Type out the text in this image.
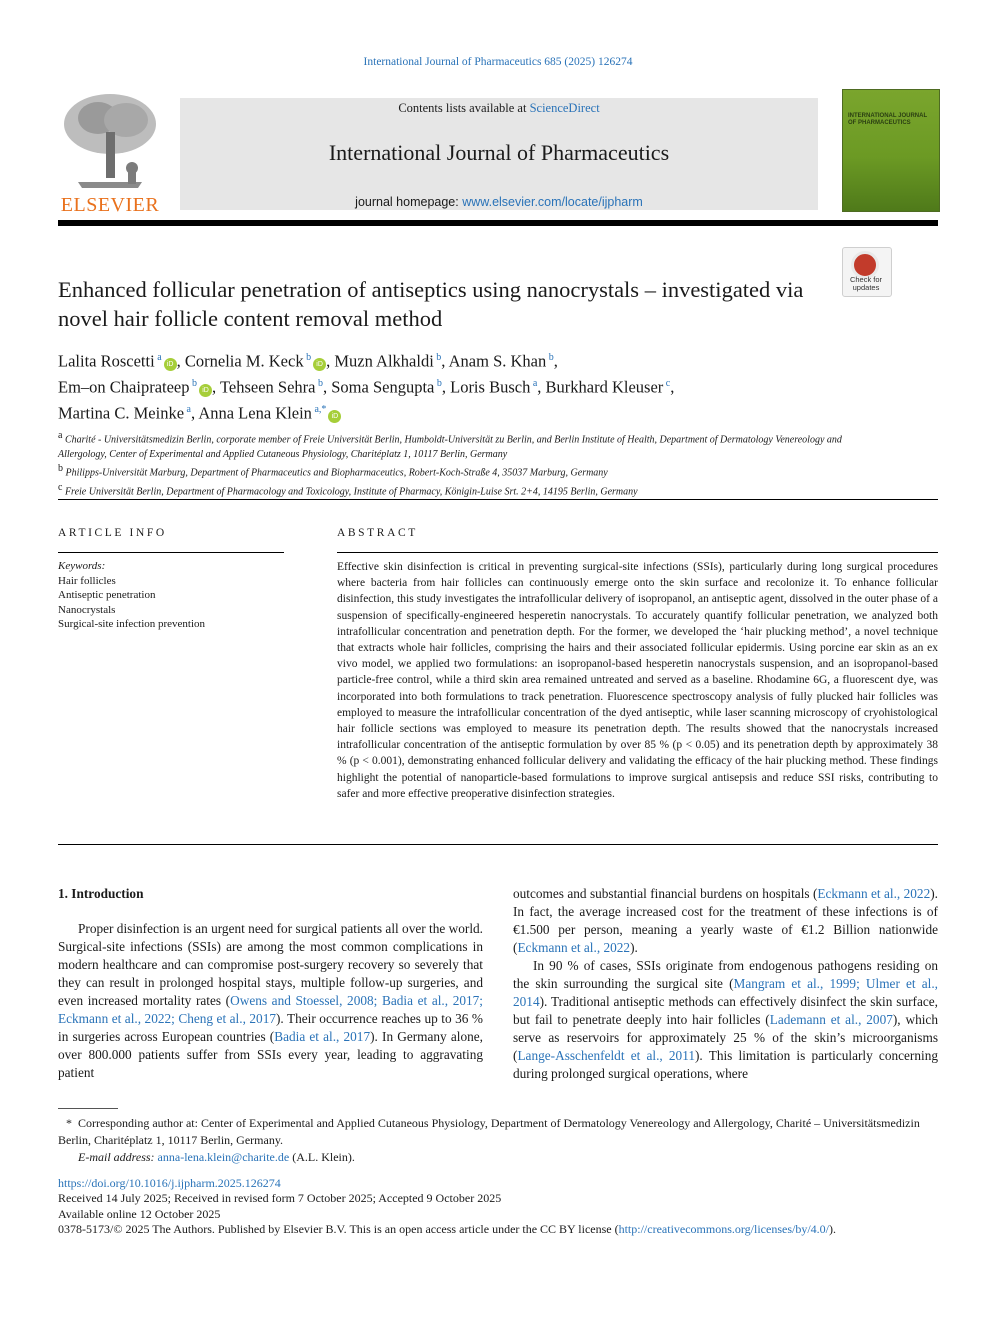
International Journal of Pharmaceutics 685 (2025) 126274
ELSEVIER
Contents lists available at ScienceDirect
International Journal of Pharmaceutics
journal homepage: www.elsevier.com/locate/ijpharm
INTERNATIONAL JOURNAL OF PHARMACEUTICS
Check for updates
Enhanced follicular penetration of antiseptics using nanocrystals – investigated via novel hair follicle content removal method
Lalita Roscetti $^a$iD , Cornelia M. Keck $^b$iD , Muzn Alkhaldi $^b$, Anam S. Khan $^b$,
Em–on Chaiprateep $^b$iD , Tehseen Sehra $^b$, Soma Sengupta $^b$, Loris Busch $^a$, Burkhard Kleuser $^c$,
Martina C. Meinke $^a$, Anna Lena Klein $^{a,*}$iD
$^a$ Charité - Universitätsmedizin Berlin, corporate member of Freie Universität Berlin, Humboldt-Universität zu Berlin, and Berlin Institute of Health, Department of Dermatology Venereology and Allergology, Center of Experimental and Applied Cutaneous Physiology, Charitéplatz 1, 10117 Berlin, Germany
$^b$ Philipps-Universität Marburg, Department of Pharmaceutics and Biopharmaceutics, Robert-Koch-Straße 4, 35037 Marburg, Germany
$^c$ Freie Universität Berlin, Department of Pharmacology and Toxicology, Institute of Pharmacy, Königin-Luise Srt. 2+4, 14195 Berlin, Germany
ARTICLE INFO
Keywords:
Hair follicles
Antiseptic penetration
Nanocrystals
Surgical-site infection prevention
ABSTRACT
Effective skin disinfection is critical in preventing surgical-site infections (SSIs), particularly during long surgical procedures where bacteria from hair follicles can continuously emerge onto the skin surface and recolonize it. To enhance follicular disinfection, this study investigates the intrafollicular delivery of isopropanol, an antiseptic agent, dissolved in the outer phase of a suspension of specifically-engineered hesperetin nanocrystals. To accurately quantify follicular penetration, we analyzed both intrafollicular concentration and penetration depth. For the former, we developed the ‘hair plucking method’, a novel technique that extracts whole hair follicles, comprising the hairs and their associated follicular epidermis. Using porcine ear skin as an ex vivo model, we applied two formulations: an isopropanol-based hesperetin nanocrystals suspension, and an isopropanol-based particle-free control, while a third skin area remained untreated and served as a baseline. Rhodamine 6G, a fluorescent dye, was incorporated into both formulations to track penetration. Fluorescence spectroscopy analysis of fully plucked hair follicles was employed to measure the intrafollicular concentration of the dyed antiseptic, while laser scanning microscopy of cryohistological hair follicle sections was employed to measure its penetration depth. The results showed that the nanocrystals increased intrafollicular concentration of the antiseptic formulation by over 85 % (p < 0.05) and its penetration depth by approximately 38 % (p < 0.001), demonstrating enhanced follicular delivery and validating the efficacy of the hair plucking method. These findings highlight the potential of nanoparticle-based formulations to improve surgical antisepsis and reduce SSI risks, contributing to safer and more effective preoperative disinfection strategies.

1. Introduction

Proper disinfection is an urgent need for surgical patients all over the world. Surgical-site infections (SSIs) are among the most common complications in modern healthcare and can compromise post-surgery recovery so severely that they can result in prolonged hospital stays, multiple follow-up surgeries, and even increased mortality rates (Owens and Stoessel, 2008; Badia et al., 2017; Eckmann et al., 2022; Cheng et al., 2017). Their occurrence reaches up to 36 % in surgeries across European countries (Badia et al., 2017). In Germany alone, over 800.000 patients suffer from SSIs every year, leading to aggravating patient

outcomes and substantial financial burdens on hospitals (Eckmann et al., 2022). In fact, the average increased cost for the treatment of these infections is of €1.500 per person, meaning a yearly waste of €1.2 Billion nationwide (Eckmann et al., 2022).

In 90 % of cases, SSIs originate from endogenous pathogens residing on the skin surrounding the surgical site (Mangram et al., 1999; Ulmer et al., 2014). Traditional antiseptic methods can effectively disinfect the skin surface, but fail to penetrate deeply into hair follicles (Lademann et al., 2007), which serve as reservoirs for approximately 25 % of the skin’s microorganisms (Lange-Asschenfeldt et al., 2011). This limitation is particularly concerning during prolonged surgical operations, where

* Corresponding author at: Center of Experimental and Applied Cutaneous Physiology, Department of Dermatology Venereology and Allergology, Charité – Universitätsmedizin Berlin, Charitéplatz 1, 10117 Berlin, Germany.
E-mail address: anna-lena.klein@charite.de (A.L. Klein).
https://doi.org/10.1016/j.ijpharm.2025.126274
Received 14 July 2025; Received in revised form 7 October 2025; Accepted 9 October 2025
Available online 12 October 2025
0378-5173/© 2025 The Authors. Published by Elsevier B.V. This is an open access article under the CC BY license (http://creativecommons.org/licenses/by/4.0/).
